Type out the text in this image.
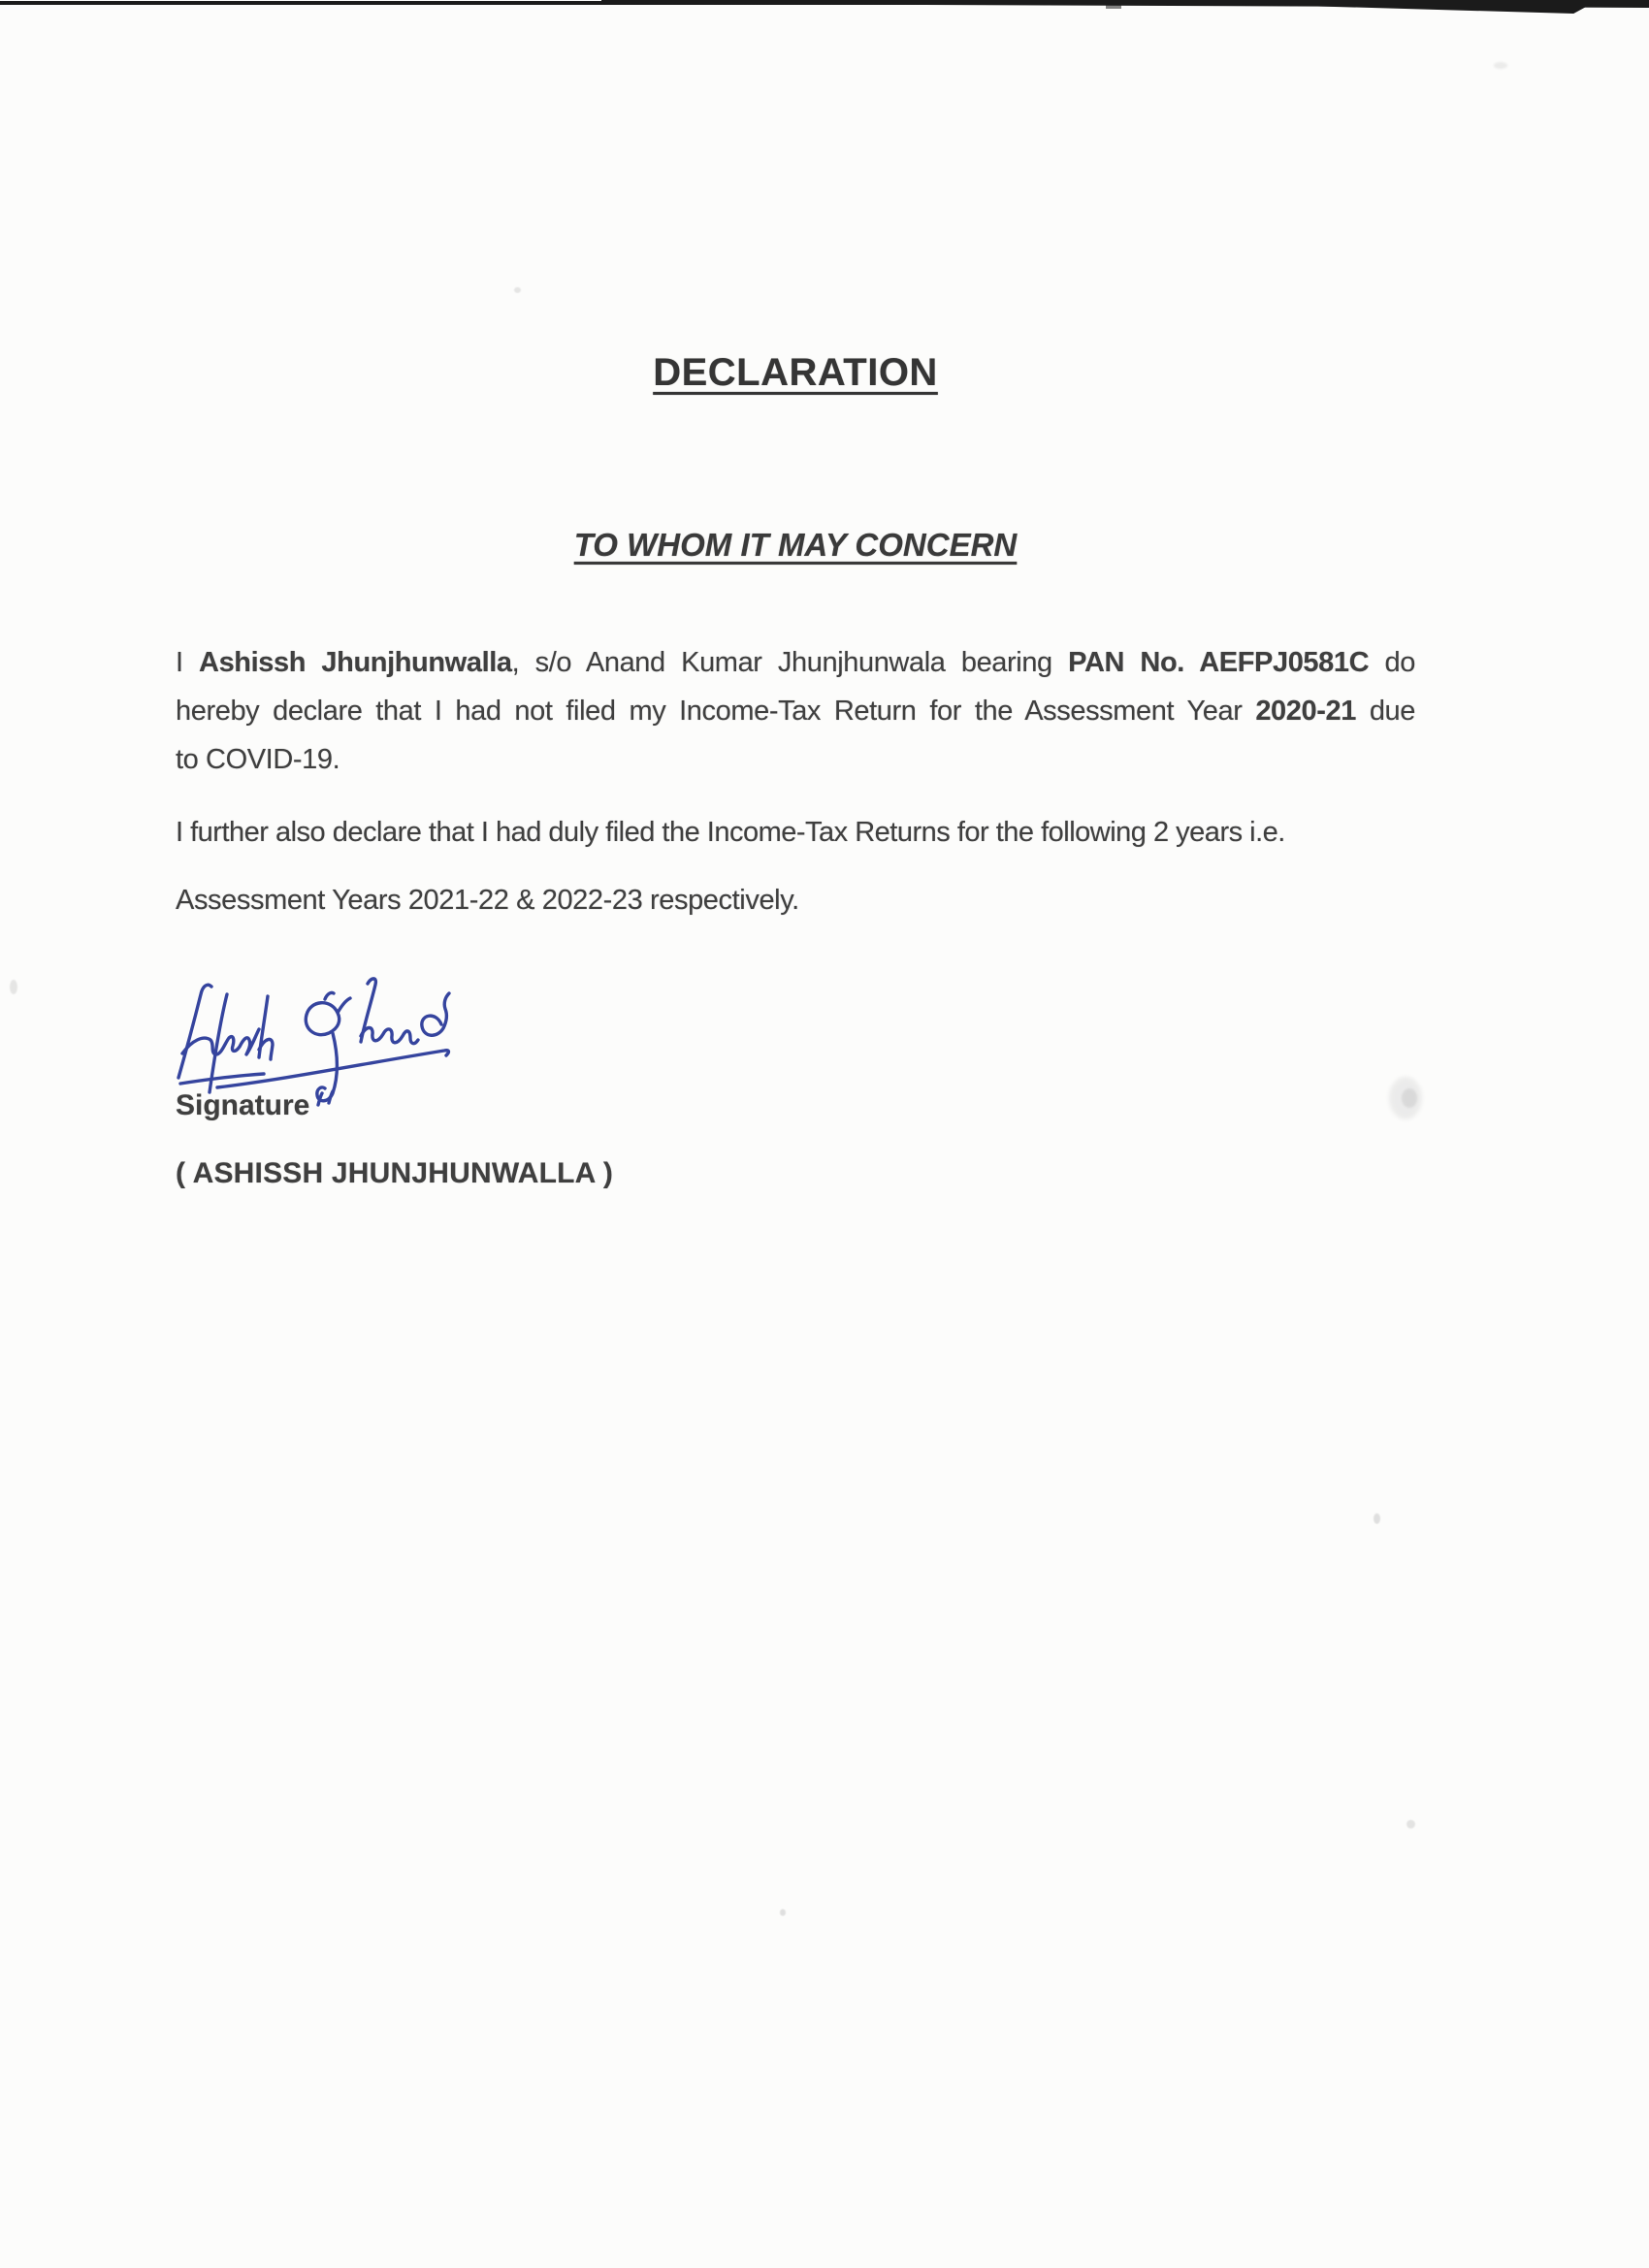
DECLARATION
TO WHOM IT MAY CONCERN
I Ashissh Jhunjhunwalla, s/o Anand Kumar Jhunjhunwala bearing PAN No. AEFPJ0581C do
hereby declare that I had not filed my Income-Tax Return for the Assessment Year 2020-21 due
to COVID-19.
I further also declare that I had duly filed the Income-Tax Returns for the following 2 years i.e.
Assessment Years 2021-22 & 2022-23 respectively.
Signature
( ASHISSH JHUNJHUNWALLA )
